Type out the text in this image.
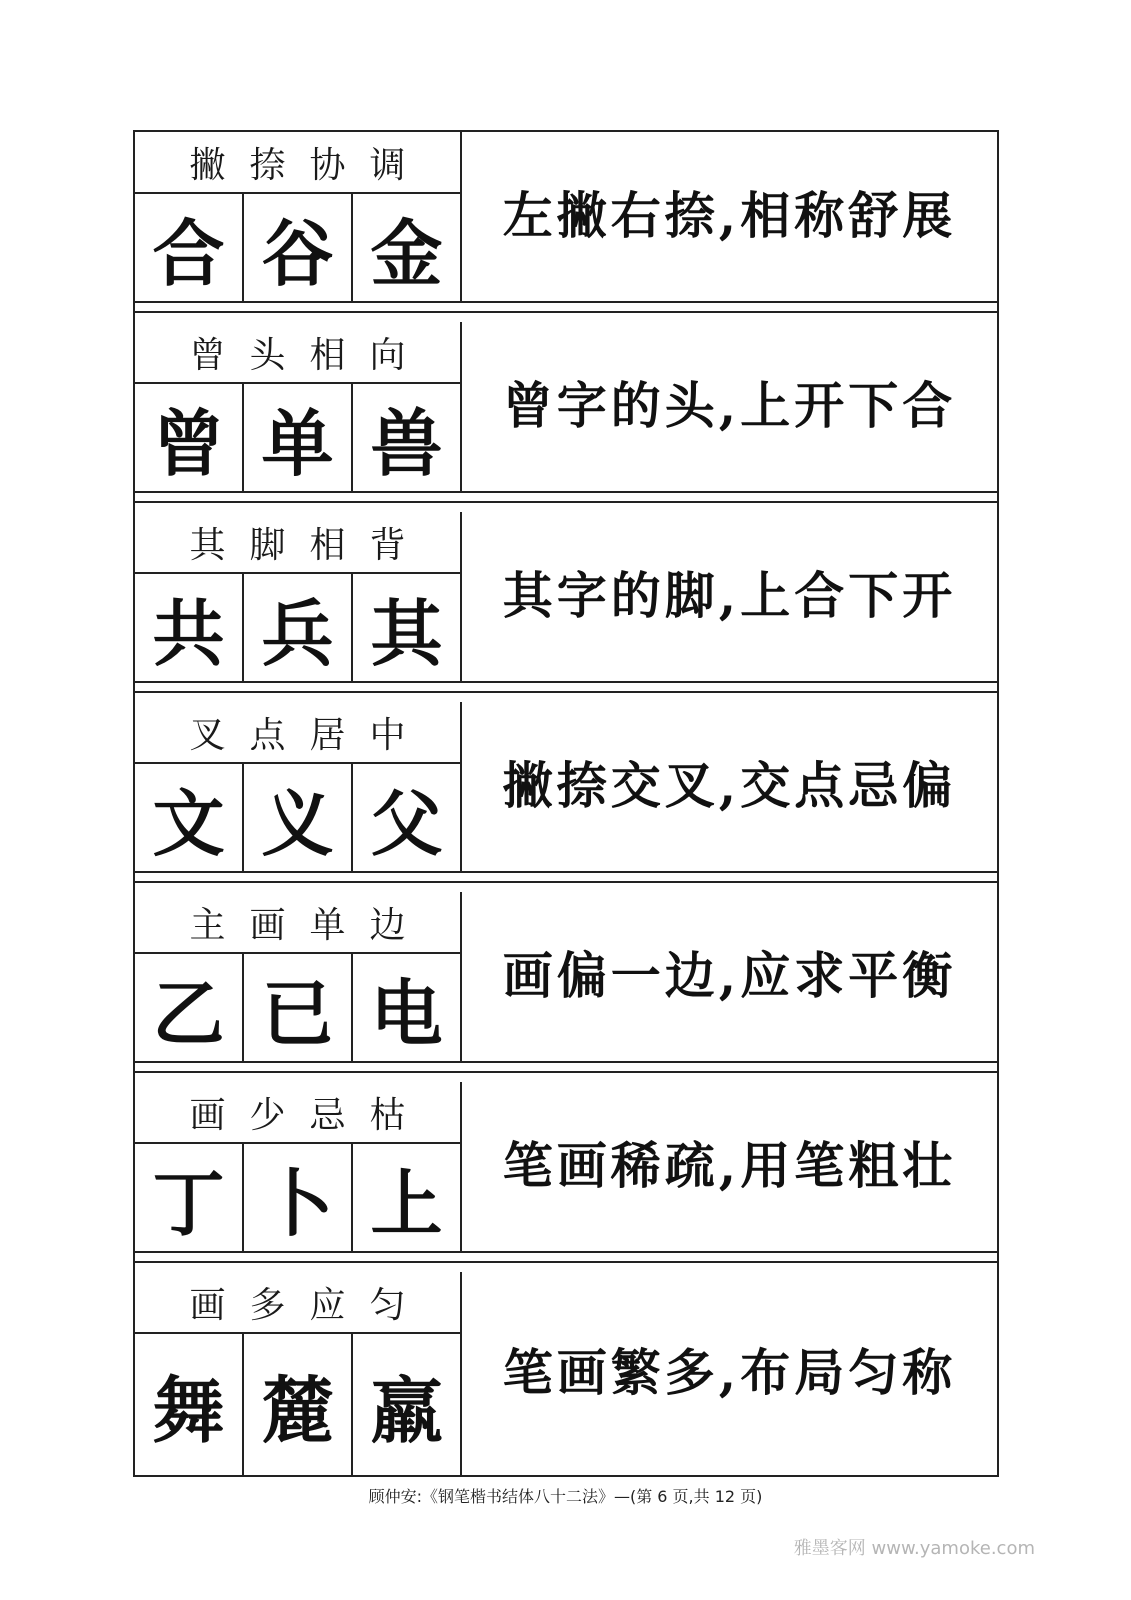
撇捺协调
合 谷 金	左撇右捺,相称舒展
曾头相向
曾 单 兽	曾字的头,上开下合
其脚相背
共 兵 其	其字的脚,上合下开
叉点居中
文 义 父	撇捺交叉,交点忌偏
主画单边
乙 已 电	画偏一边,应求平衡
画少忌枯
丁 卜 上	笔画稀疏,用笔粗壮
画多应匀
舞 麓 羸	笔画繁多,布局匀称
顾仲安:《钢笔楷书结体八十二法》—(第 6 页,共 12 页)
雅墨客网 www.yamoke.com
